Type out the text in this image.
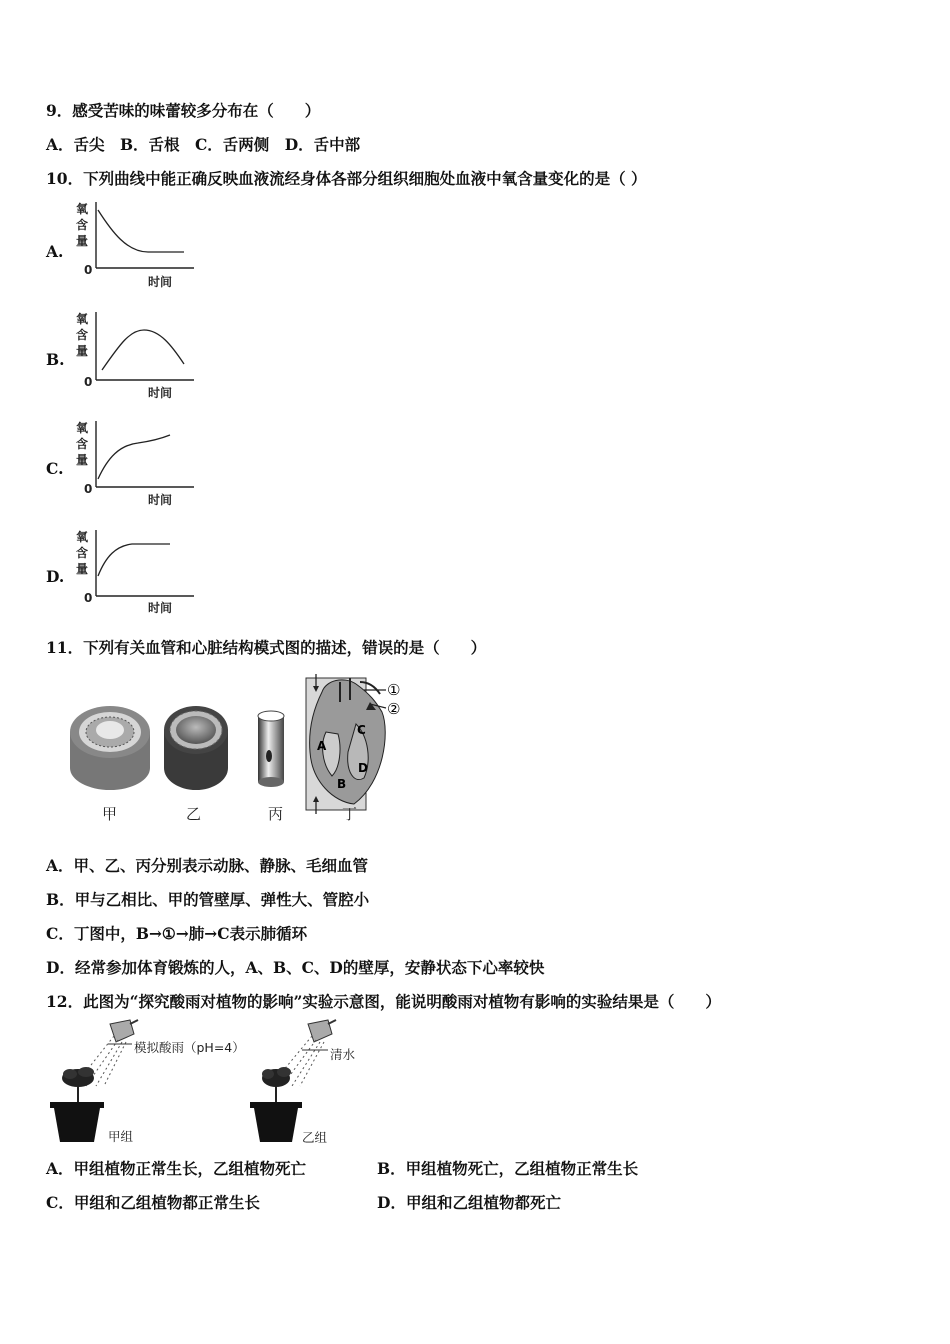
9．感受苦味的味蕾较多分布在（　　）
A．舌尖 B．舌根 C．舌两侧 D．舌中部
10．下列曲线中能正确反映血液流经身体各部分组织细胞处血液中氧含量变化的是（ ）
A.
氧
含
量
0
时间
B.
氧
含
量
0
时间
C.
氧
含
量
0
时间
D.
氧
含
量
0
时间
11．下列有关血管和心脏结构模式图的描述，错误的是（　　）
①
②
A
B
C
D
甲	乙	丙	丁
A．甲、乙、丙分别表示动脉、静脉、毛细血管
B．甲与乙相比、甲的管壁厚、弹性大、管腔小
C．丁图中，B→①→肺→C表示肺循环
D．经常参加体育锻炼的人，A、B、C、D的壁厚，安静状态下心率较快
12．此图为“探究酸雨对植物的影响”实验示意图，能说明酸雨对植物有影响的实验结果是（　　）
模拟酸雨（pH=4）
甲组
清水
乙组
A．甲组植物正常生长，乙组植物死亡	B．甲组植物死亡，乙组植物正常生长
C．甲组和乙组植物都正常生长	D．甲组和乙组植物都死亡
